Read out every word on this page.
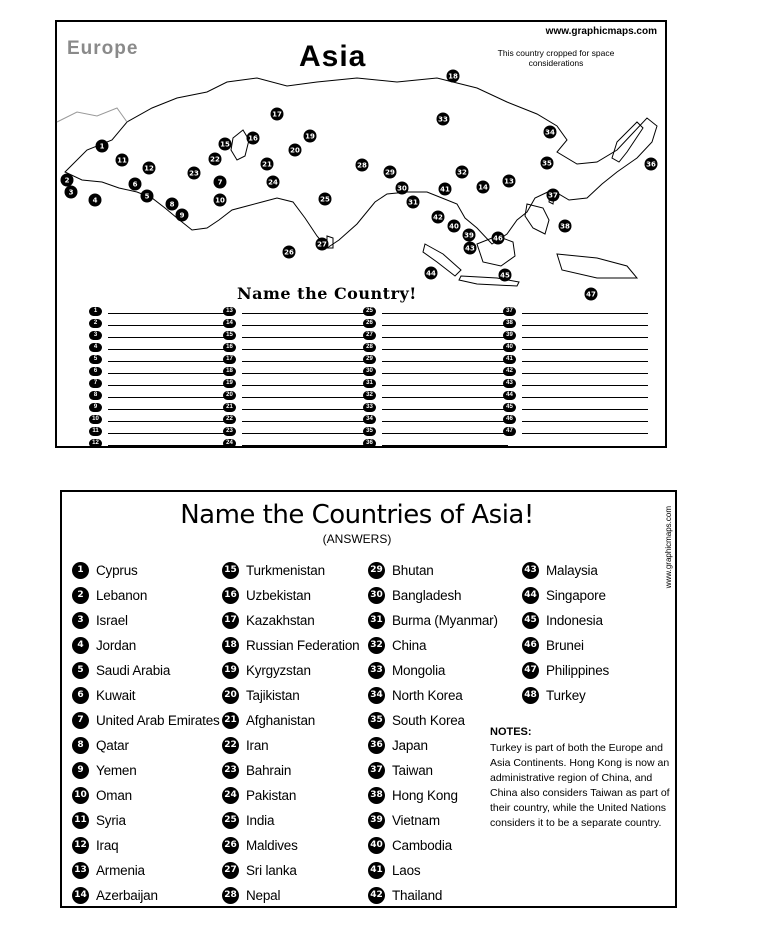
1
2
3
4	5
6	7
8
9
10
11
12
13
14
15
16
17
18
19
20
21
22
23
24
25
26
27
28
29
30
31
32
33
34
35	36
37
38
39
40
41
42
43
44	45
46
47
Europe	Asia
www.graphicmaps.com
This country cropped for space considerations
Name the Country!
1
2
3
4
5
6
7
8
9
10
11
12
13
14
15
16
17
18
19
20
21
22
23
24
25
26
27
28
29
30
31
32
33
34
35
36
37
38
39
40
41
42
43
44
45
46
47
Name the Countries of Asia!
(ANSWERS)	www.graphicmaps.com
1 Cyprus
2 Lebanon
3 Israel
4 Jordan
5 Saudi Arabia
6 Kuwait
7 United Arab Emirates
8 Qatar
9 Yemen
10 Oman
11 Syria
12 Iraq
13 Armenia
14 Azerbaijan
15 Turkmenistan
16 Uzbekistan
17 Kazakhstan
18 Russian Federation
19 Kyrgyzstan
20 Tajikistan
21 Afghanistan
22 Iran
23 Bahrain
24 Pakistan
25 India
26 Maldives
27 Sri lanka
28 Nepal
29 Bhutan
30 Bangladesh
31 Burma (Myanmar)
32 China
33 Mongolia
34 North Korea
35 South Korea
36 Japan
37 Taiwan
38 Hong Kong
39 Vietnam
40 Cambodia
41 Laos
42 Thailand
43 Malaysia
44 Singapore
45 Indonesia
46 Brunei
47 Philippines
48 Turkey
NOTES:
Turkey is part of both the Europe and Asia Continents. Hong Kong is now an administrative region of China, and China also considers Taiwan as part of their country, while the United Nations considers it to be a separate country.
